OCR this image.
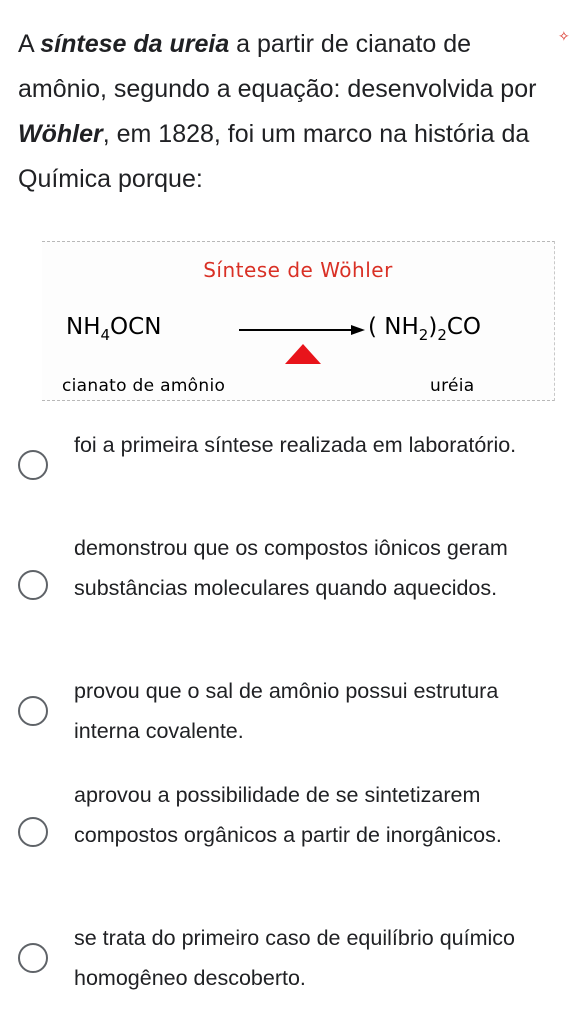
A síntese da ureia a partir de cianato de amônio, segundo a equação: desenvolvida por Wöhler, em 1828, foi um marco na história da Química porque:
✧
Síntese de Wöhler
$NH_4OCN$	( $NH_2)_2CO$
cianato de amônio	uréia
foi a primeira síntese realizada em laboratório.
demonstrou que os compostos iônicos geram substâncias moleculares quando aquecidos.
provou que o sal de amônio possui estrutura interna covalente.
aprovou a possibilidade de se sintetizarem compostos orgânicos a partir de inorgânicos.
se trata do primeiro caso de equilíbrio químico homogêneo descoberto.
